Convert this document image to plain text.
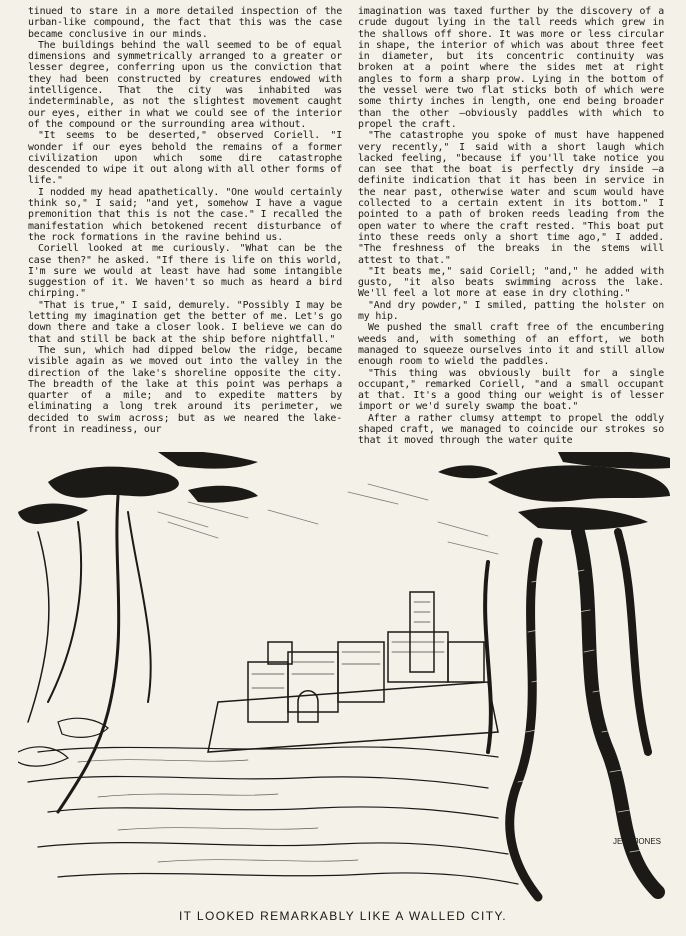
tinued to stare in a more detailed inspection of the urban-like compound, the fact that this was the case became conclusive in our minds.

The buildings behind the wall seemed to be of equal dimensions and symmetrically arranged to a greater or lesser degree, conferring upon us the conviction that they had been constructed by creatures endowed with intelligence. That the city was inhabited was indeterminable, as not the slightest movement caught our eyes, either in what we could see of the interior of the compound or the surrounding area without.

"It seems to be deserted," observed Coriell. "I wonder if our eyes behold the remains of a former civilization upon which some dire catastrophe descended to wipe it out along with all other forms of life."

I nodded my head apathetically. "One would certainly think so," I said; "and yet, somehow I have a vague premonition that this is not the case." I recalled the manifestation which betokened recent disturbance of the rock formations in the ravine behind us.

Coriell looked at me curiously. "What can be the case then?" he asked. "If there is life on this world, I'm sure we would at least have had some intangible suggestion of it. We haven't so much as heard a bird chirping."

"That is true," I said, demurely. "Possibly I may be letting my imagination get the better of me. Let's go down there and take a closer look. I believe we can do that and still be back at the ship before nightfall."

The sun, which had dipped below the ridge, became visible again as we moved out into the valley in the direction of the lake's shoreline opposite the city. The breadth of the lake at this point was perhaps a quarter of a mile; and to expedite matters by eliminating a long trek around its perimeter, we decided to swim across; but as we neared the lake-front in readiness, our

imagination was taxed further by the discovery of a crude dugout lying in the tall reeds which grew in the shallows off shore. It was more or less circular in shape, the interior of which was about three feet in diameter, but its concentric continuity was broken at a point where the sides met at right angles to form a sharp prow. Lying in the bottom of the vessel were two flat sticks both of which were some thirty inches in length, one end being broader than the other —obviously paddles with which to propel the craft.

"The catastrophe you spoke of must have happened very recently," I said with a short laugh which lacked feeling, "because if you'll take notice you can see that the boat is perfectly dry inside —a definite indication that it has been in service in the near past, otherwise water and scum would have collected to a certain extent in its bottom." I pointed to a path of broken reeds leading from the open water to where the craft rested. "This boat put into these reeds only a short time ago," I added. "The freshness of the breaks in the stems will attest to that."

"It beats me," said Coriell; "and," he added with gusto, "it also beats swimming across the lake. We'll feel a lot more at ease in dry clothing."

"And dry powder," I smiled, patting the holster on my hip.

We pushed the small craft free of the encumbering weeds and, with something of an effort, we both managed to squeeze ourselves into it and still allow enough room to wield the paddles.

"This thing was obviously built for a single occupant," remarked Coriell, "and a small occupant at that. It's a good thing our weight is of lesser import or we'd surely swamp the boat."

After a rather clumsy attempt to propel the oddly shaped craft, we managed to coincide our strokes so that it moved through the water quite

JEFF JONES
IT LOOKED REMARKABLY LIKE A WALLED CITY.
